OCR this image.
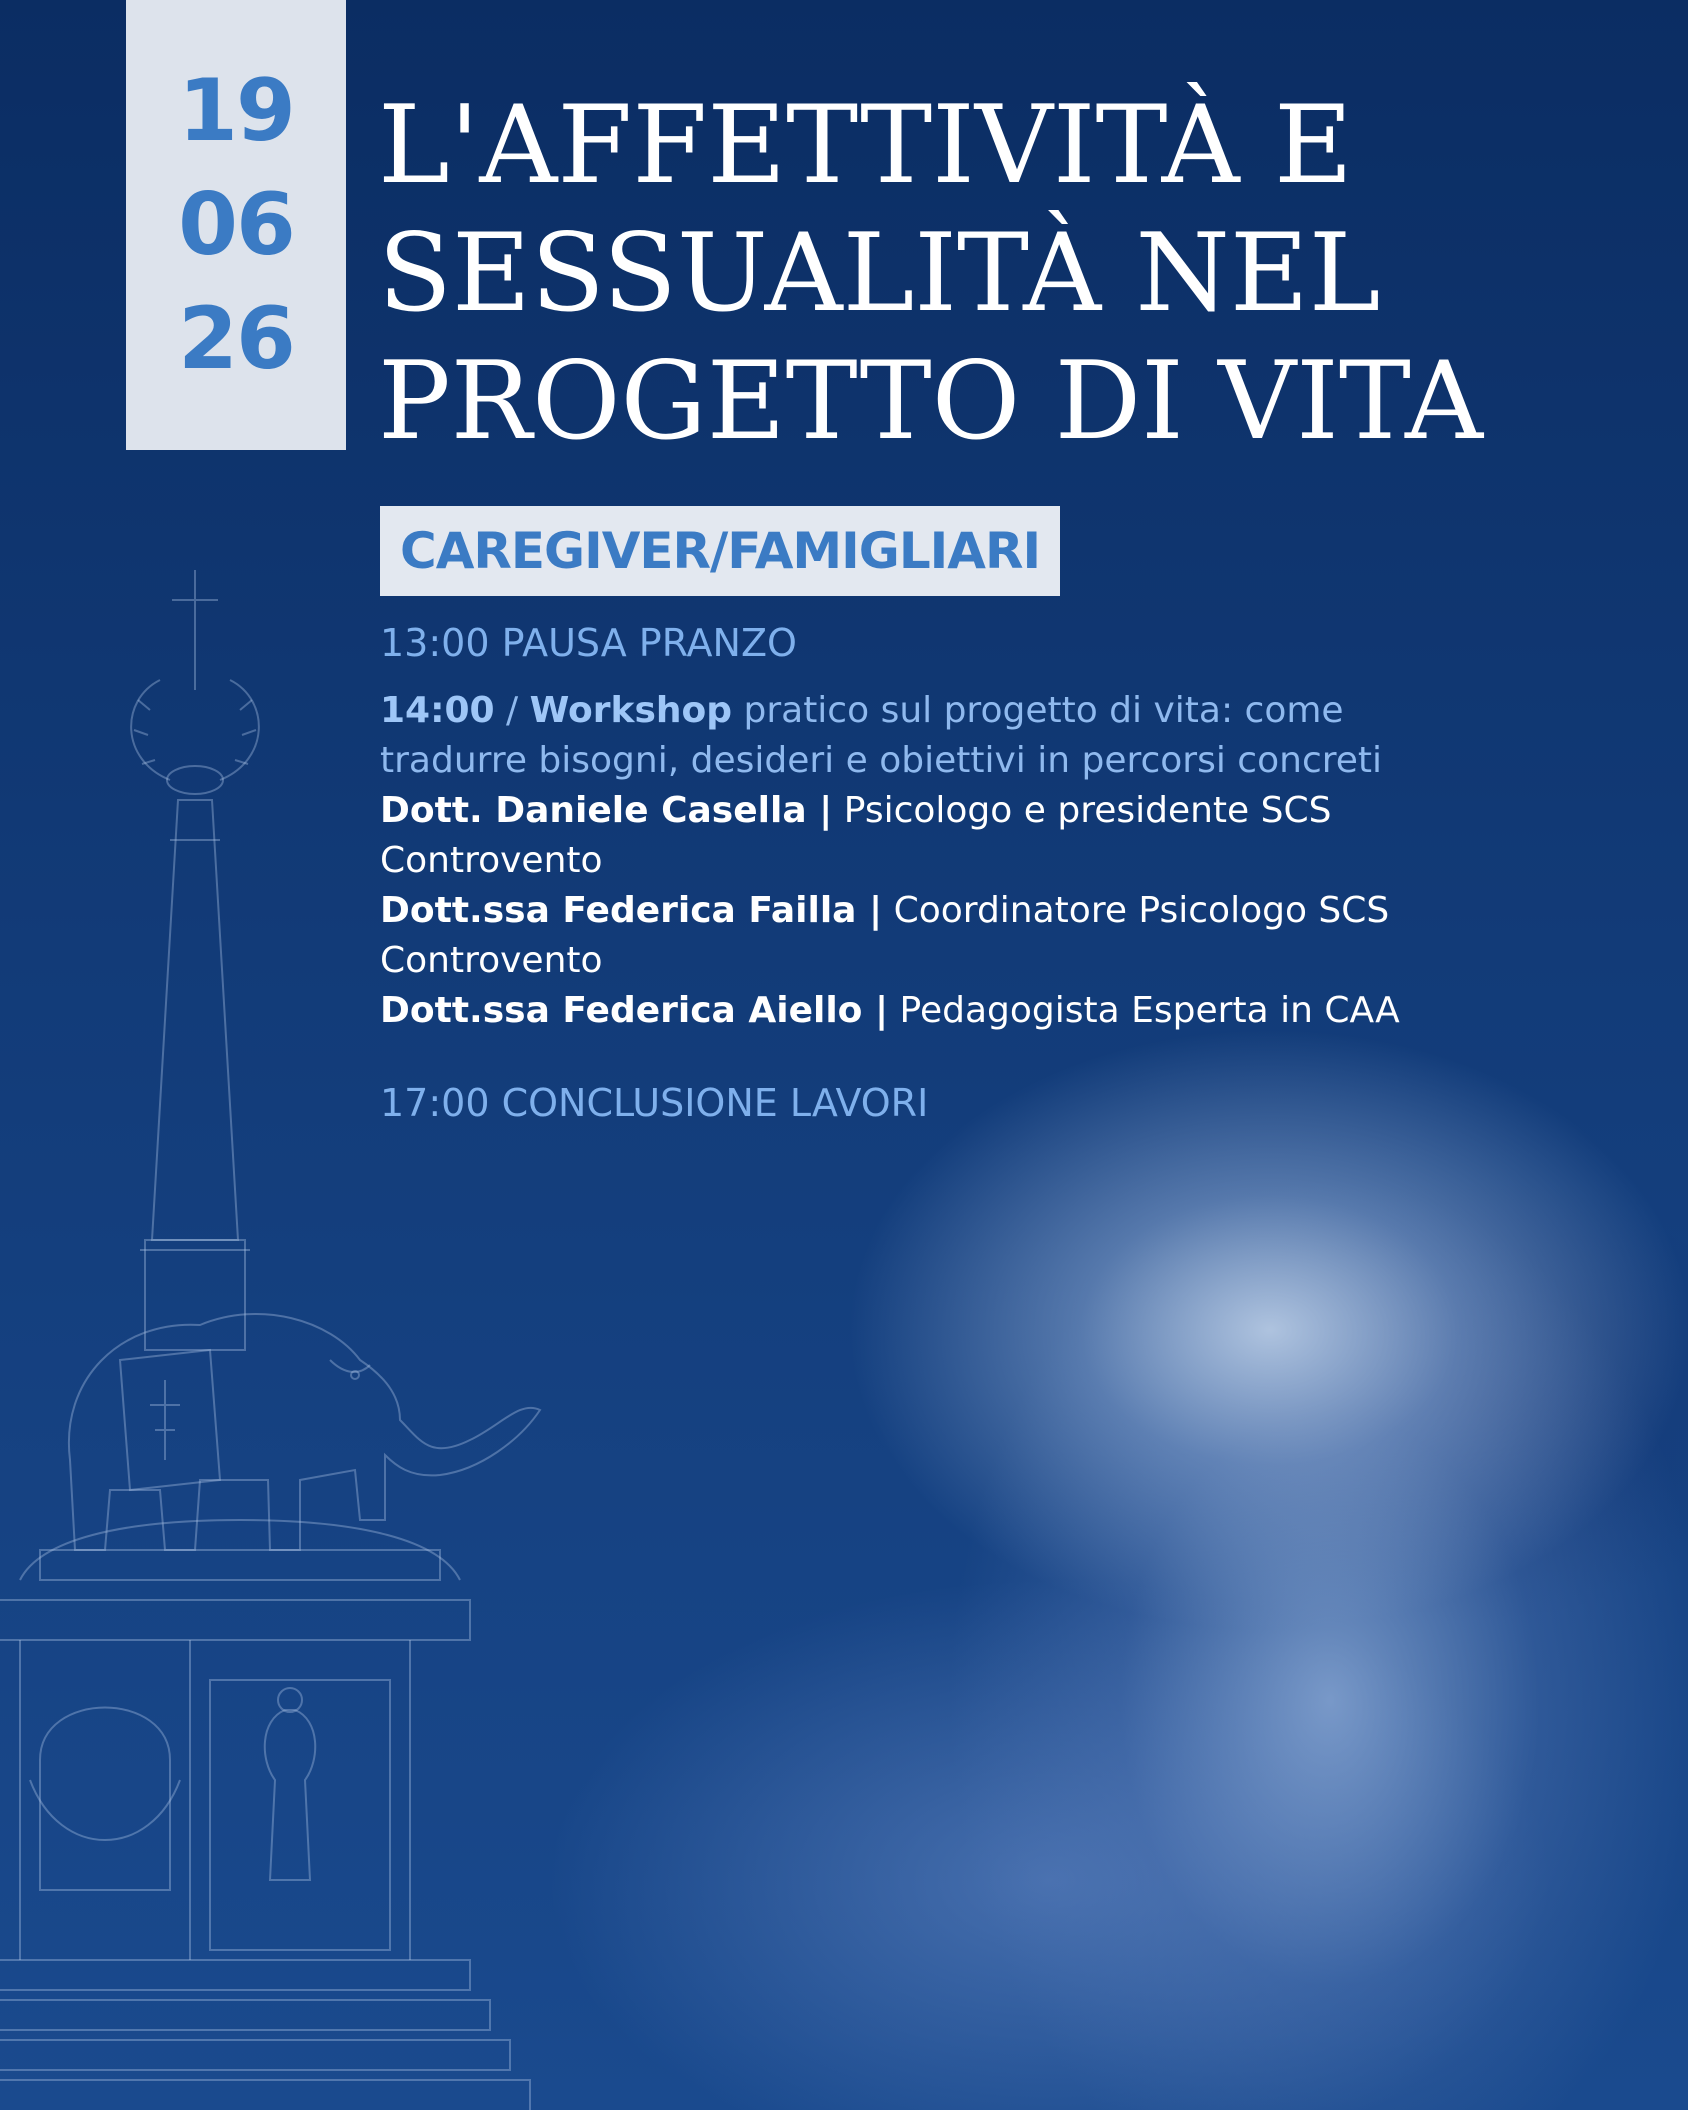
19
06
26
L'AFFETTIVITÀ E
SESSUALITÀ NEL
PROGETTO DI VITA
CAREGIVER/FAMIGLIARI
13:00 PAUSA PRANZO
14:00 / Workshop pratico sul progetto di vita: come
tradurre bisogni, desideri e obiettivi in percorsi concreti
Dott. Daniele Casella | Psicologo e presidente SCS
Controvento
Dott.ssa Federica Failla | Coordinatore Psicologo SCS
Controvento
Dott.ssa Federica Aiello | Pedagogista Esperta in CAA
17:00 CONCLUSIONE LAVORI
